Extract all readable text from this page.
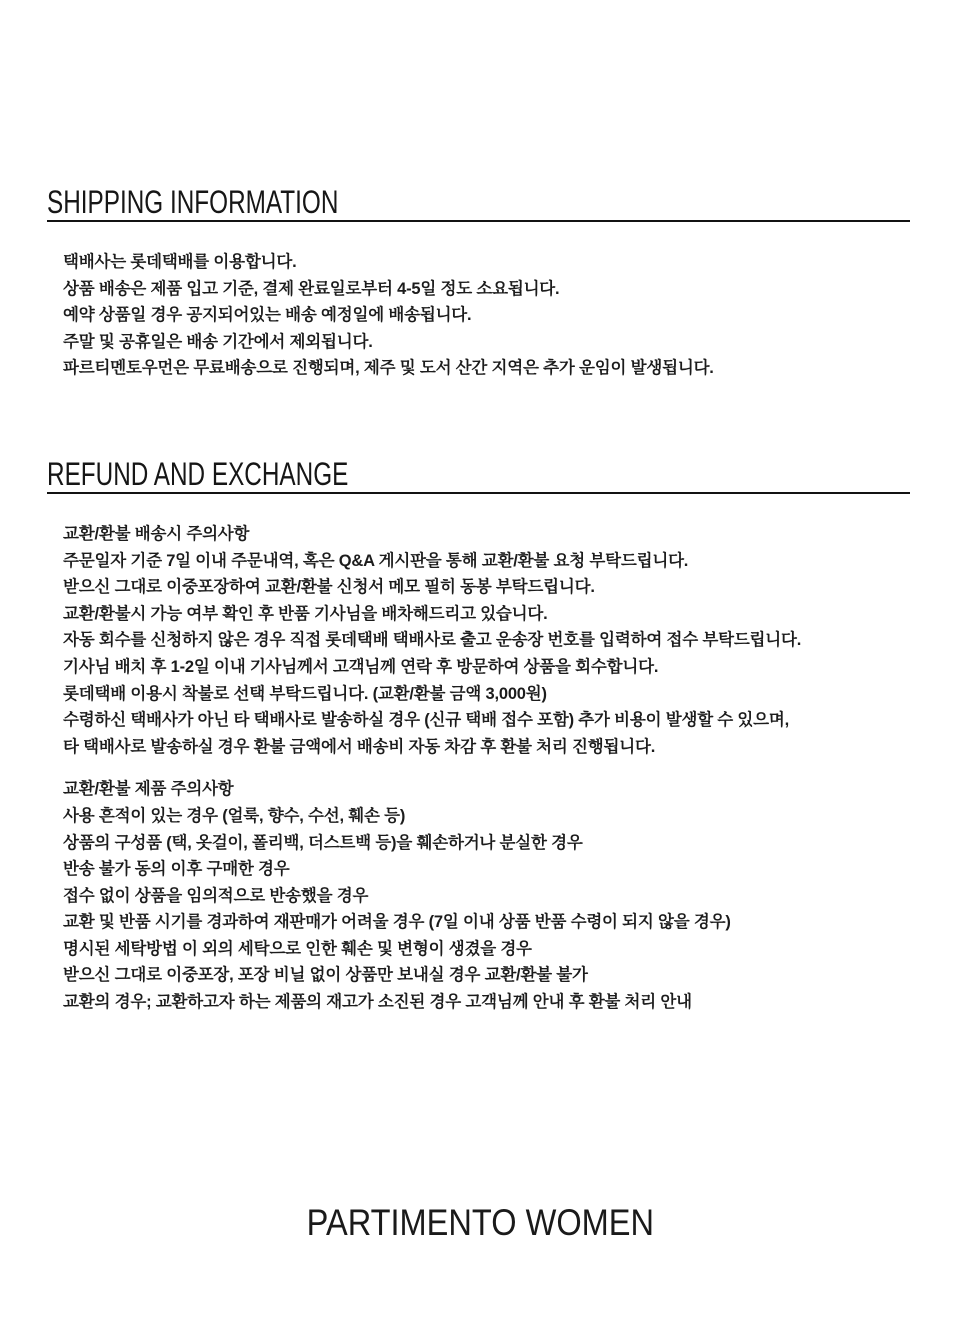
SHIPPING INFORMATION

택배사는 롯데택배를 이용합니다.

상품 배송은 제품 입고 기준, 결제 완료일로부터 4-5일 정도 소요됩니다.

예약 상품일 경우 공지되어있는 배송 예정일에 배송됩니다.

주말 및 공휴일은 배송 기간에서 제외됩니다.

파르티멘토우먼은 무료배송으로 진행되며, 제주 및 도서 산간 지역은 추가 운임이 발생됩니다.

REFUND AND EXCHANGE

교환/환불 배송시 주의사항

주문일자 기준 7일 이내 주문내역, 혹은 Q&A 게시판을 통해 교환/환불 요청 부탁드립니다.

받으신 그대로 이중포장하여 교환/환불 신청서 메모 필히 동봉 부탁드립니다.

교환/환불시 가능 여부 확인 후 반품 기사님을 배차해드리고 있습니다.

자동 회수를 신청하지 않은 경우 직접 롯데택배 택배사로 출고 운송장 번호를 입력하여 접수 부탁드립니다.

기사님 배치 후 1-2일 이내 기사님께서 고객님께 연락 후 방문하여 상품을 회수합니다.

롯데택배 이용시 착불로 선택 부탁드립니다. (교환/환불 금액 3,000원)

수령하신 택배사가 아닌 타 택배사로 발송하실 경우 (신규 택배 접수 포함) 추가 비용이 발생할 수 있으며,

타 택배사로 발송하실 경우 환불 금액에서 배송비 자동 차감 후 환불 처리 진행됩니다.

교환/환불 제품 주의사항

사용 흔적이 있는 경우 (얼룩, 향수, 수선, 훼손 등)

상품의 구성품 (택, 옷걸이, 폴리백, 더스트백 등)을 훼손하거나 분실한 경우

반송 불가 동의 이후 구매한 경우

접수 없이 상품을 임의적으로 반송했을 경우

교환 및 반품 시기를 경과하여 재판매가 어려울 경우 (7일 이내 상품 반품 수령이 되지 않을 경우)

명시된 세탁방법 이 외의 세탁으로 인한 훼손 및 변형이 생겼을 경우

받으신 그대로 이중포장, 포장 비닐 없이 상품만 보내실 경우 교환/환불 불가

교환의 경우; 교환하고자 하는 제품의 재고가 소진된 경우 고객님께 안내 후 환불 처리 안내

PARTIMENTO WOMEN
